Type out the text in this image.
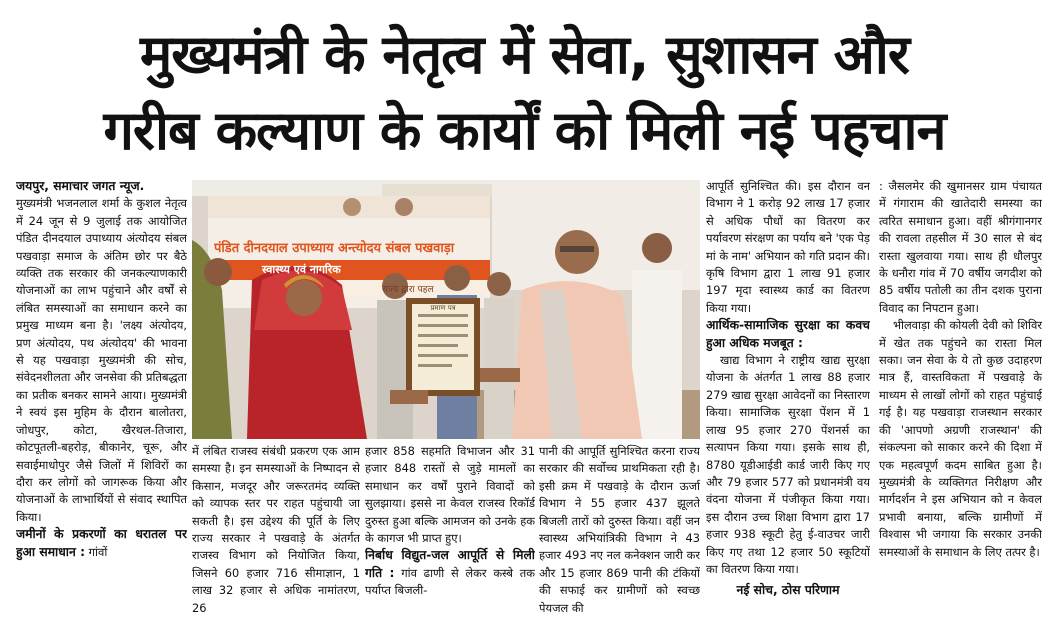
मुख्यमंत्री के नेतृत्व में सेवा, सुशासन और
गरीब कल्याण के कार्यों को मिली नई पहचान

जयपुर, समाचार जगत न्यूज.

मुख्यमंत्री भजनलाल शर्मा के कुशल नेतृत्व में 24 जून से 9 जुलाई तक आयोजित पंडित दीनदयाल उपाध्याय अंत्योदय संबल पखवाड़ा समाज के अंतिम छोर पर बैठे व्यक्ति तक सरकार की जनकल्याणकारी योजनाओं का लाभ पहुंचाने और वर्षों से लंबित समस्याओं का समाधान करने का प्रमुख माध्यम बना है। 'लक्ष्य अंत्योदय, प्रण अंत्योदय, पथ अंत्योदय' की भावना से यह पखवाड़ा मुख्यमंत्री की सोच, संवेदनशीलता और जनसेवा की प्रतिबद्धता का प्रतीक बनकर सामने आया। मुख्यमंत्री ने स्वयं इस मुहिम के दौरान बालोतरा, जोधपुर, कोटा, खैरथल-तिजारा, कोटपूतली-बहरोड़, बीकानेर, चूरू, और सवाईमाधोपुर जैसे जिलों में शिविरों का दौरा कर लोगों को जागरूक किया और योजनाओं के लाभार्थियों से संवाद स्थापित किया।

जमीनों के प्रकरणों का धरातल पर हुआ समाधान : गांवों
पंडित दीनदयाल उपाध्याय अन्त्योदय संबल पखवाड़ा
स्वास्थ्य एवं नागरिक
राज्य द्वारा पहल
प्रमाण पत्र

में लंबित राजस्व संबंधी प्रकरण एक आम समस्या है। इन समस्याओं के निष्पादन से किसान, मजदूर और जरूरतमंद व्यक्ति को व्यापक स्तर पर राहत पहुंचायी जा सकती है। इस उद्देश्य की पूर्ति के लिए राज्य सरकार ने पखवाड़े के अंतर्गत राजस्व विभाग को नियोजित किया, जिसने 60 हजार 716 सीमाज्ञान, 1 लाख 32 हजार से अधिक नामांतरण, 26

हजार 858 सहमति विभाजन और 31 हजार 848 रास्तों से जुड़े मामलों का समाधान कर वर्षों पुराने विवादों को सुलझाया। इससे ना केवल राजस्व रिकॉर्ड दुरुस्त हुआ बल्कि आमजन को उनके हक के कागज भी प्राप्त हुए।

निर्बाध विद्युत-जल आपूर्ति से मिली गति : गांव ढाणी से लेकर कस्बे तक पर्याप्त बिजली-

पानी की आपूर्ति सुनिश्चित करना राज्य सरकार की सर्वोच्च प्राथमिकता रही है। इसी क्रम में पखवाड़े के दौरान ऊर्जा विभाग ने 55 हजार 437 झूलते बिजली तारों को दुरुस्त किया। वहीं जन स्वास्थ्य अभियांत्रिकी विभाग ने 43 हजार 493 नए नल कनेक्शन जारी कर और 15 हजार 869 पानी की टंकियों की सफाई कर ग्रामीणों को स्वच्छ पेयजल की

आपूर्ति सुनिश्चित की। इस दौरान वन विभाग ने 1 करोड़ 92 लाख 17 हजार से अधिक पौधों का वितरण कर पर्यावरण संरक्षण का पर्याय बने 'एक पेड़ मां के नाम' अभियान को गति प्रदान की। कृषि विभाग द्वारा 1 लाख 91 हजार 197 मृदा स्वास्थ्य कार्ड का वितरण किया गया।

आर्थिक-सामाजिक सुरक्षा का कवच हुआ अधिक मजबूत :

खाद्य विभाग ने राष्ट्रीय खाद्य सुरक्षा योजना के अंतर्गत 1 लाख 88 हजार 279 खाद्य सुरक्षा आवेदनों का निस्तारण किया। सामाजिक सुरक्षा पेंशन में 1 लाख 95 हजार 270 पेंशनर्स का सत्यापन किया गया। इसके साथ ही, 8780 यूडीआईडी कार्ड जारी किए गए और 79 हजार 577 को प्रधानमंत्री वय वंदना योजना में पंजीकृत किया गया। इस दौरान उच्च शिक्षा विभाग द्वारा 17 हजार 938 स्कूटी हेतु ई-वाउचर जारी किए गए तथा 12 हजार 50 स्कूटियों का वितरण किया गया।

नई सोच, ठोस परिणाम

: जैसलमेर की खुमानसर ग्राम पंचायत में गंगाराम की खातेदारी समस्या का त्वरित समाधान हुआ। वहीं श्रीगंगानगर की रावला तहसील में 30 साल से बंद रास्ता खुलवाया गया। साथ ही धौलपुर के धनौरा गांव में 70 वर्षीय जगदीश को 85 वर्षीय पतोली का तीन दशक पुराना विवाद का निपटान हुआ।

भीलवाड़ा की कोयली देवी को शिविर में खेत तक पहुंचने का रास्ता मिल सका। जन सेवा के ये तो कुछ उदाहरण मात्र हैं, वास्तविकता में पखवाड़े के माध्यम से लाखों लोगों को राहत पहुंचाई गई है। यह पखवाड़ा राजस्थान सरकार की 'आपणो अग्रणी राजस्थान' की संकल्पना को साकार करने की दिशा में एक महत्वपूर्ण कदम साबित हुआ है। मुख्यमंत्री के व्यक्तिगत निरीक्षण और मार्गदर्शन ने इस अभियान को न केवल प्रभावी बनाया, बल्कि ग्रामीणों में विश्वास भी जगाया कि सरकार उनकी समस्याओं के समाधान के लिए तत्पर है।
